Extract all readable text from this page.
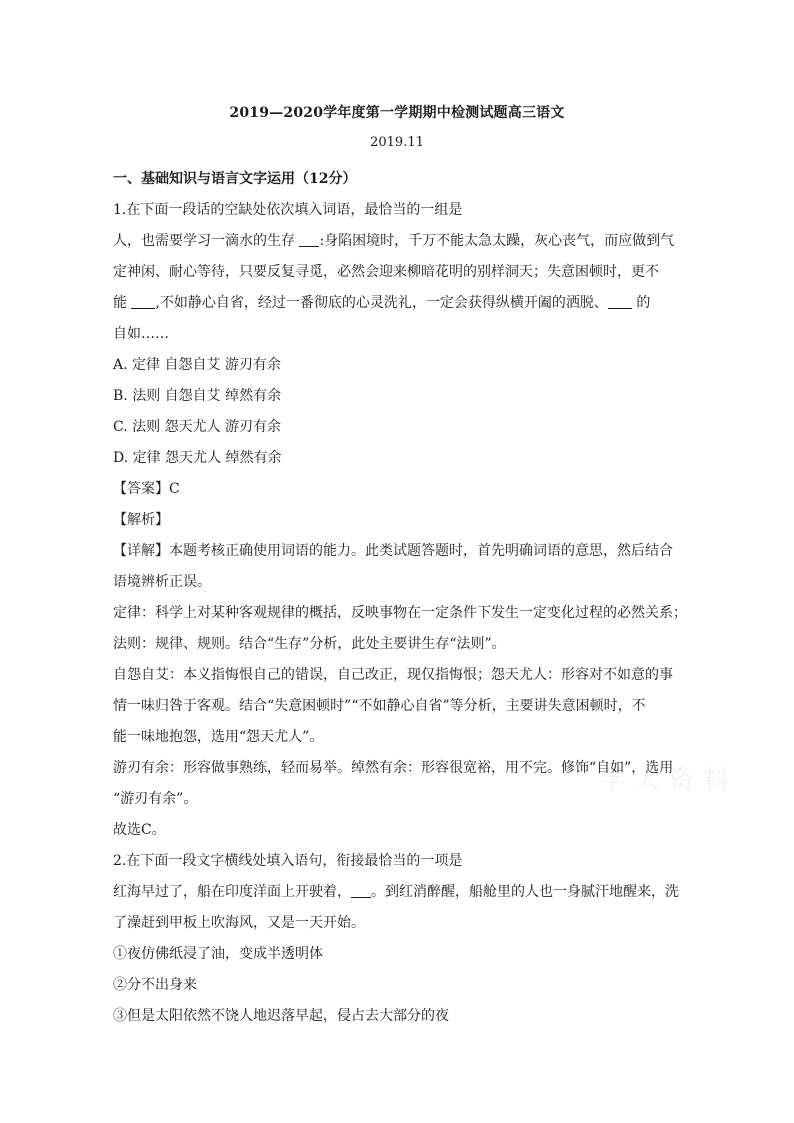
2019—2020学年度第一学期期中检测试题高三语文
2019.11
一、基础知识与语言文字运用（12分）
1.在下面一段话的空缺处依次填入词语，最恰当的一组是
人，也需要学习一滴水的生存 :身陷困境时，千万不能太急太躁，灰心丧气，而应做到气
定神闲、耐心等待，只要反复寻觅，必然会迎来柳暗花明的别样洞天；失意困顿时，更不
能 ,不如静心自省，经过一番彻底的心灵洗礼，一定会获得纵横开阖的洒脱、 的
自如……
A. 定律 自怨自艾 游刃有余
B. 法则 自怨自艾 绰然有余
C. 法则 怨天尤人 游刃有余
D. 定律 怨天尤人 绰然有余
【答案】C
【解析】
【详解】本题考核正确使用词语的能力。此类试题答题时，首先明确词语的意思，然后结合
语境辨析正误。
定律：科学上对某种客观规律的概括，反映事物在一定条件下发生一定变化过程的必然关系；
法则：规律、规则。结合“生存”分析，此处主要讲生存“法则”。
自怨自艾：本义指悔恨自己的错误，自己改正，现仅指悔恨；怨天尤人：形容对不如意的事
情一味归咎于客观。结合“失意困顿时”“不如静心自省”等分析，主要讲失意困顿时，不
能一味地抱怨，选用“怨天尤人”。
游刃有余：形容做事熟练，轻而易举。绰然有余：形容很宽裕，用不完。修饰“自如”，选用
“游刃有余”。
故选C。
2.在下面一段文字横线处填入语句，衔接最恰当的一项是
红海早过了，船在印度洋面上开驶着， 。到红消醉醒，船舱里的人也一身腻汗地醒来，洗
了澡赶到甲板上吹海风，又是一天开始。
①夜仿佛纸浸了油，变成半透明体
②分不出身来
③但是太阳依然不饶人地迟落早起，侵占去大部分的夜
学 大 资 料
